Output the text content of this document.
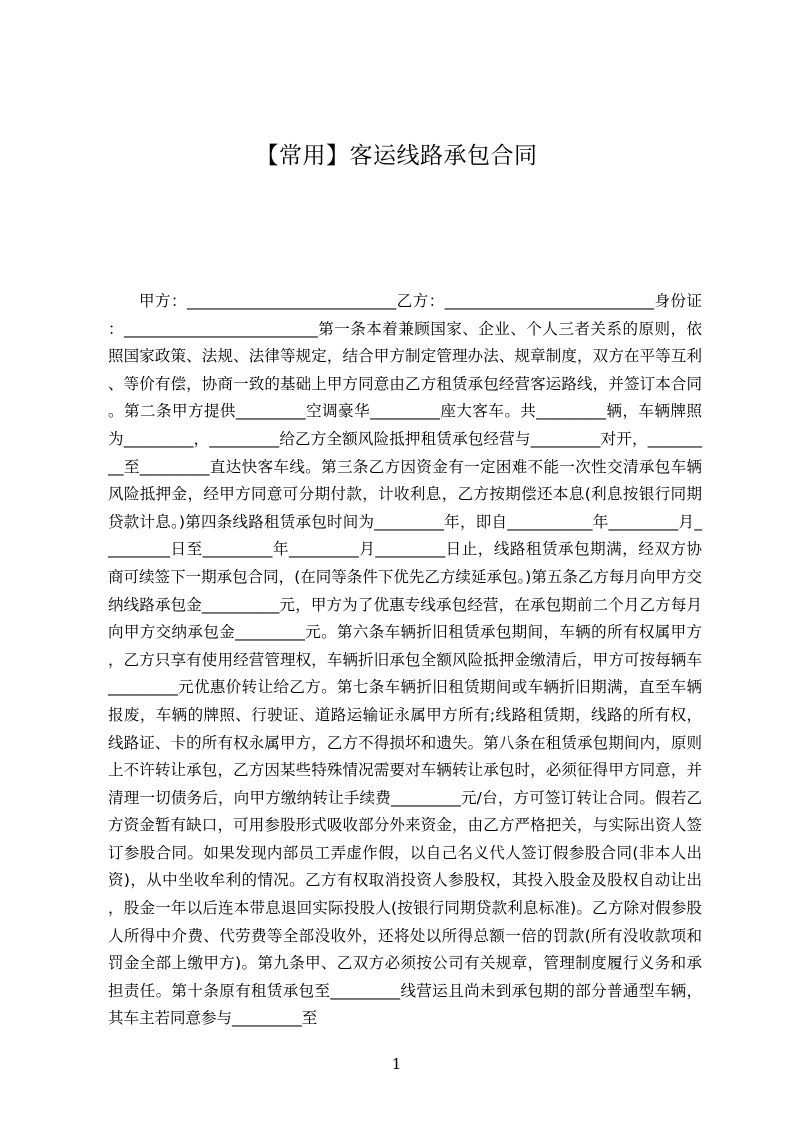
【常用】客运线路承包合同

甲方：___________________________乙方：___________________________身份证：_________________________第一条本着兼顾国家、企业、个人三者关系的原则，依照国家政策、法规、法律等规定，结合甲方制定管理办法、规章制度，双方在平等互利、等价有偿，协商一致的基础上甲方同意由乙方租赁承包经营客运路线，并签订本合同。第二条甲方提供_________空调豪华_________座大客车。共_________辆，车辆牌照为_________，_________给乙方全额风险抵押租赁承包经营与_________对开，_________至_________直达快客车线。第三条乙方因资金有一定困难不能一次性交清承包车辆风险抵押金，经甲方同意可分期付款，计收利息，乙方按期偿还本息(利息按银行同期贷款计息。)第四条线路租赁承包时间为_________年，即自___________年_________月_________日至_________年_________月_________日止，线路租赁承包期满，经双方协商可续签下一期承包合同，(在同等条件下优先乙方续延承包。)第五条乙方每月向甲方交纳线路承包金__________元，甲方为了优惠专线承包经营，在承包期前二个月乙方每月向甲方交纳承包金_________元。第六条车辆折旧租赁承包期间，车辆的所有权属甲方，乙方只享有使用经营管理权，车辆折旧承包全额风险抵押金缴清后，甲方可按每辆车_________元优惠价转让给乙方。第七条车辆折旧租赁期间或车辆折旧期满，直至车辆报废，车辆的牌照、行驶证、道路运输证永属甲方所有;线路租赁期，线路的所有权，线路证、卡的所有权永属甲方，乙方不得损坏和遗失。第八条在租赁承包期间内，原则上不许转让承包，乙方因某些特殊情况需要对车辆转让承包时，必须征得甲方同意，并清理一切债务后，向甲方缴纳转让手续费_________元/台，方可签订转让合同。假若乙方资金暂有缺口，可用参股形式吸收部分外来资金，由乙方严格把关，与实际出资人签订参股合同。如果发现内部员工弄虚作假，以自己名义代人签订假参股合同(非本人出资)，从中坐收牟利的情况。乙方有权取消投资人参股权，其投入股金及股权自动让出，股金一年以后连本带息退回实际投股人(按银行同期贷款利息标准)。乙方除对假参股人所得中介费、代劳费等全部没收外，还将处以所得总额一倍的罚款(所有没收款项和罚金全部上缴甲方)。第九条甲、乙双方必须按公司有关规章，管理制度履行义务和承担责任。第十条原有租赁承包至_________线营运且尚未到承包期的部分普通型车辆，其车主若同意参与_________至

1
